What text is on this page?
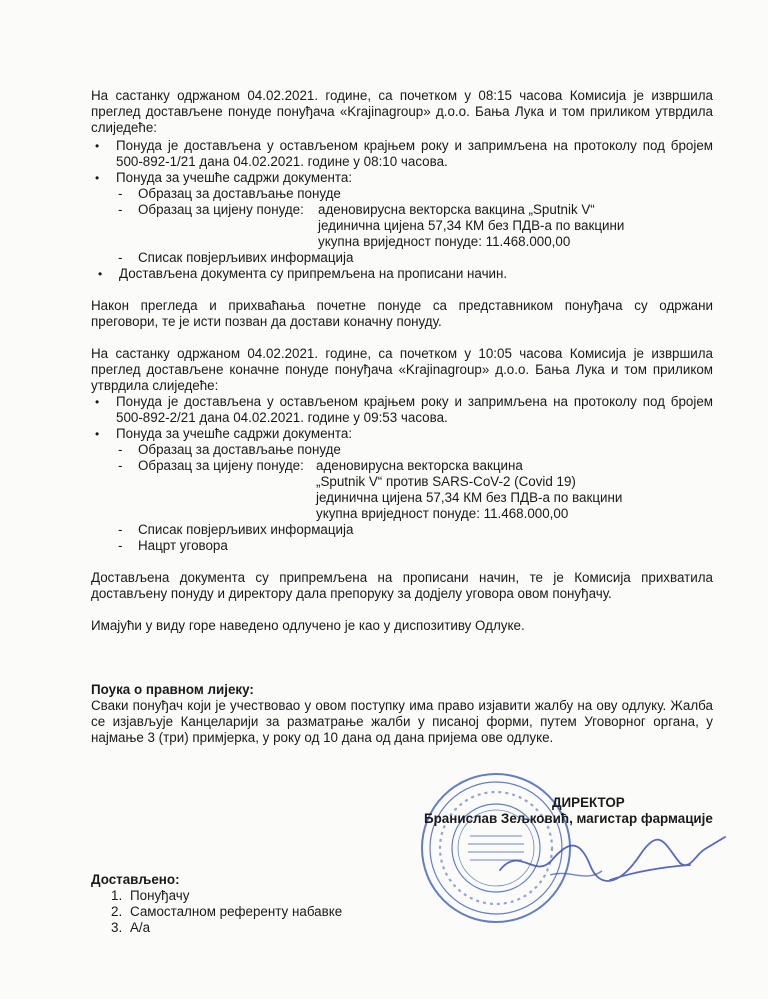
На састанку одржаном 04.02.2021. године, са почетком у 08:15 часова Комисија је извршила
преглед достављене понуде понуђача «Krajinagroup» д.о.о. Бања Лука и том приликом утврдила
слиједеће:
• Понуда је достављена у остављеном крајњем року и запримљена на протоколу под бројем
500-892-1/21 дана 04.02.2021. године у 08:10 часова.
• Понуда за учешће садржи документа:
- Образац за достављање понуде
- Образац за цијену понуде: аденовирусна векторска вакцина „Sputnik V“
јединична цијена 57,34 КМ без ПДВ-а по вакцини
укупна вриједност понуде: 11.468.000,00
- Списак повјерљивих информација
• Достављена документа су припремљена на прописани начин.
Након прегледа и прихваћања почетне понуде са представником понуђача су одржани
преговори, те је исти позван да достави коначну понуду.
На састанку одржаном 04.02.2021. године, са почетком у 10:05 часова Комисија је извршила
преглед достављене коначне понуде понуђача «Krajinagroup» д.о.о. Бања Лука и том приликом
утврдила слиједеће:
• Понуда је достављена у остављеном крајњем року и запримљена на протоколу под бројем
500-892-2/21 дана 04.02.2021. године у 09:53 часова.
• Понуда за учешће садржи документа:
- Образац за достављање понуде
- Образац за цијену понуде: аденовирусна векторска вакцина
„Sputnik V“ против SARS-CoV-2 (Covid 19)
јединична цијена 57,34 КМ без ПДВ-а по вакцини
укупна вриједност понуде: 11.468.000,00
- Списак повјерљивих информација
- Нацрт уговора
Достављена документа су припремљена на прописани начин, те је Комисија прихватила
достављену понуду и директору дала препоруку за додјелу уговора овом понуђачу.
Имајући у виду горе наведено одлучено је као у диспозитиву Одлуке.
Поука о правном лијеку:
Сваки понуђач који је учествовао у овом поступку има право изјавити жалбу на ову одлуку. Жалба
се изјављује Канцеларији за разматрање жалби у писаној форми, путем Уговорног органа, у
најмање 3 (три) примјерка, у року од 10 дана од дана пријема ове одлуке.
ДИРЕКТОР
Бранислав Зељковић, магистар фармације
Достављено:
1. Понуђачу
2. Самосталном референту набавке
3. А/а
